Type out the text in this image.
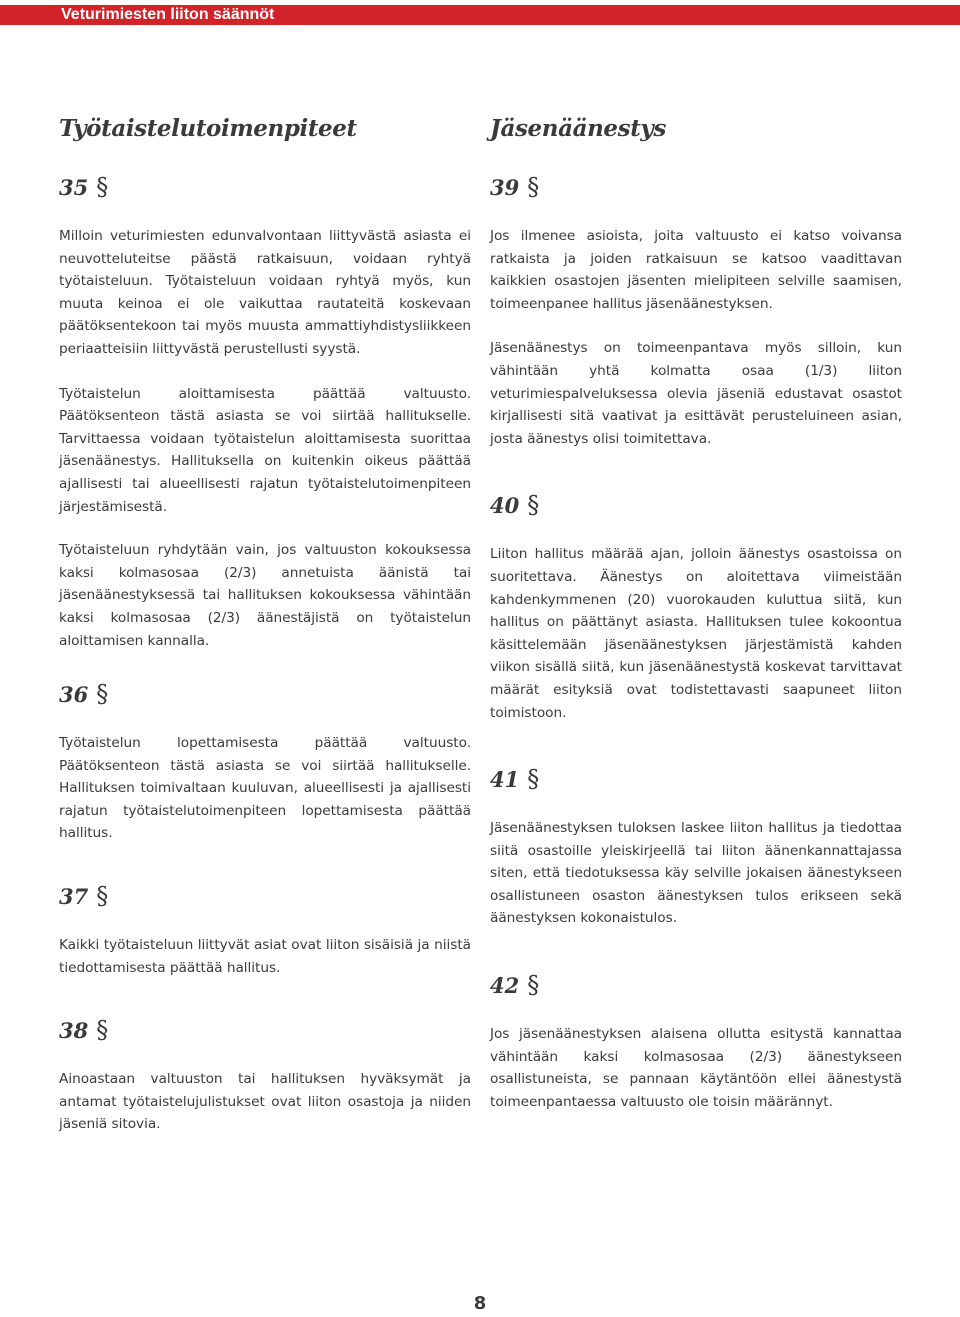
Veturimiesten liiton säännöt
Työtaistelutoimenpiteet
35 §

Milloin veturimiesten edunvalvontaan liittyvästä asiasta ei neuvotteluteitse päästä ratkaisuun, voidaan ryhtyä työtaisteluun. Työtaisteluun voidaan ryhtyä myös, kun muuta keinoa ei ole vaikuttaa rautateitä koskevaan päätöksentekoon tai myös muusta ammattiyhdistysliikkeen periaatteisiin liittyvästä perustellusti syystä.

Työtaistelun aloittamisesta päättää valtuusto. Päätöksenteon tästä asiasta se voi siirtää hallitukselle. Tarvittaessa voidaan työtaistelun aloittamisesta suorittaa jäsenäänestys. Hallituksella on kuitenkin oikeus päättää ajallisesti tai alueellisesti rajatun työtaistelutoimenpiteen järjestämisestä.

Työtaisteluun ryhdytään vain, jos valtuuston kokouksessa kaksi kolmasosaa (2/3) annetuista äänistä tai jäsenäänestyksessä tai hallituksen kokouksessa vähintään kaksi kolmasosaa (2/3) äänestäjistä on työtaistelun aloittamisen kannalla.

36 §

Työtaistelun lopettamisesta päättää valtuusto. Päätöksenteon tästä asiasta se voi siirtää hallitukselle. Hallituksen toimivaltaan kuuluvan, alueellisesti ja ajallisesti rajatun työtaistelutoimenpiteen lopettamisesta päättää hallitus.

37 §

Kaikki työtaisteluun liittyvät asiat ovat liiton sisäisiä ja niistä tiedottamisesta päättää hallitus.

38 §

Ainoastaan valtuuston tai hallituksen hyväksymät ja antamat työtaistelujulistukset ovat liiton osastoja ja niiden jäseniä sitovia.

Jäsenäänestys
39 §

Jos ilmenee asioista, joita valtuusto ei katso voivansa ratkaista ja joiden ratkaisuun se katsoo vaadittavan kaikkien osastojen jäsenten mielipiteen selville saamisen, toimeenpanee hallitus jäsenäänestyksen.

Jäsenäänestys on toimeenpantava myös silloin, kun vähintään yhtä kolmatta osaa (1/3) liiton veturimiespalveluksessa olevia jäseniä edustavat osastot kirjallisesti sitä vaativat ja esittävät perusteluineen asian, josta äänestys olisi toimitettava.

40 §

Liiton hallitus määrää ajan, jolloin äänestys osastoissa on suoritettava. Äänestys on aloitettava viimeistään kahdenkymmenen (20) vuorokauden kuluttua siitä, kun hallitus on päättänyt asiasta. Hallituksen tulee kokoontua käsittelemään jäsenäänestyksen järjestämistä kahden viikon sisällä siitä, kun jäsenäänestystä koskevat tarvittavat määrät esityksiä ovat todistettavasti saapuneet liiton toimistoon.

41 §

Jäsenäänestyksen tuloksen laskee liiton hallitus ja tiedottaa siitä osastoille yleiskirjeellä tai liiton äänenkannattajassa siten, että tiedotuksessa käy selville jokaisen äänestykseen osallistuneen osaston äänestyksen tulos erikseen sekä äänestyksen kokonaistulos.

42 §

Jos jäsenäänestyksen alaisena ollutta esitystä kannattaa vähintään kaksi kolmasosaa (2/3) äänestykseen osallistuneista, se pannaan käytäntöön ellei äänestystä toimeenpantaessa valtuusto ole toisin määrännyt.

8
